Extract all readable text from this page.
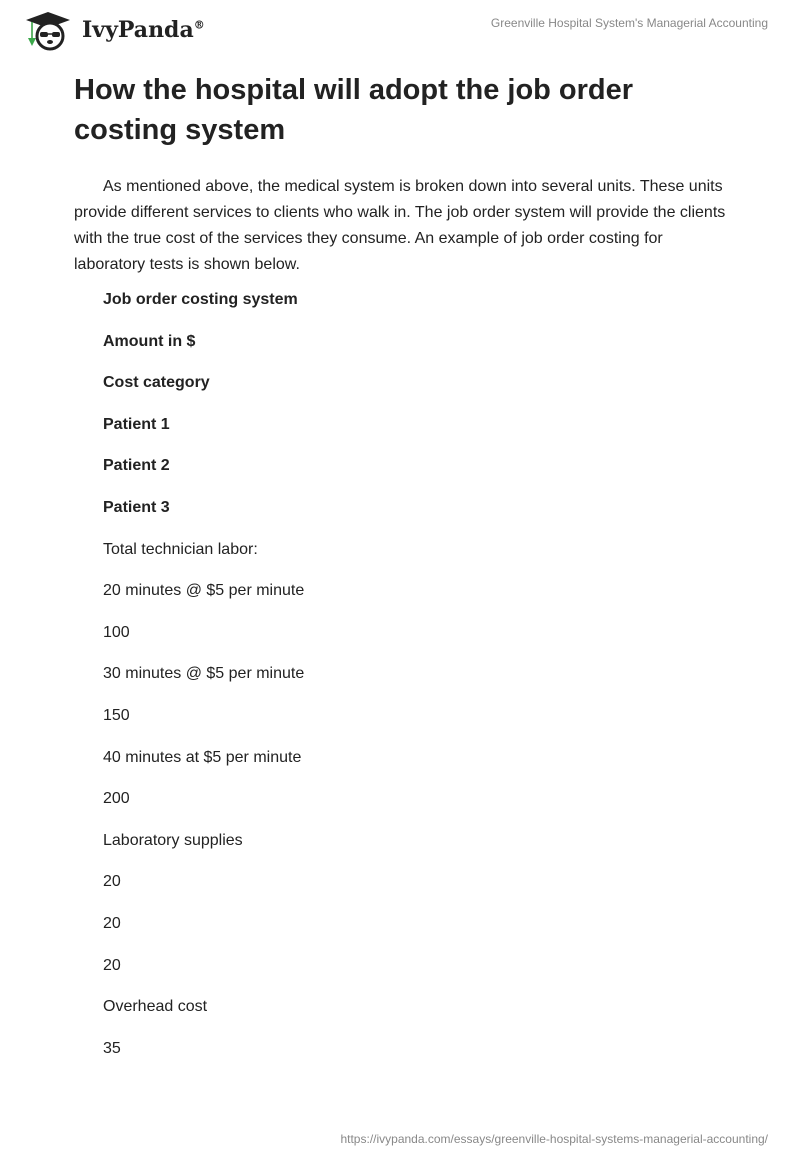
IvyPanda®	Greenville Hospital System's Managerial Accounting
How the hospital will adopt the job order costing system

As mentioned above, the medical system is broken down into several units. These units provide different services to clients who walk in. The job order system will provide the clients with the true cost of the services they consume. An example of job order costing for laboratory tests is shown below.

Job order costing system
Amount in $
Cost category
Patient 1
Patient 2
Patient 3
Total technician labor:
20 minutes @ $5 per minute
100
30 minutes @ $5 per minute
150
40 minutes at $5 per minute
200
Laboratory supplies
20
20
20
Overhead cost
35
https://ivypanda.com/essays/greenville-hospital-systems-managerial-accounting/
